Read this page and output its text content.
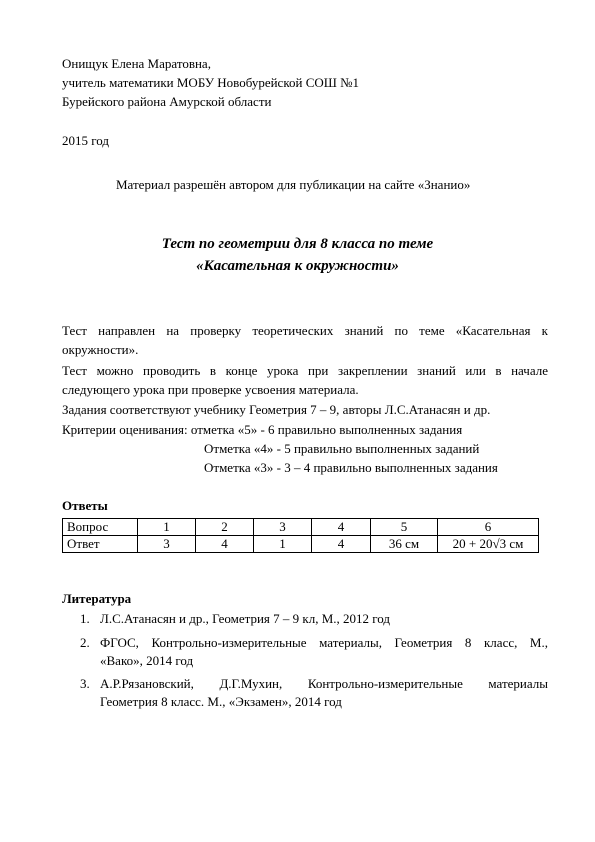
Онищук Елена Маратовна,
учитель математики МОБУ Новобурейской СОШ №1
Бурейского района Амурской области
2015 год
Материал разрешён автором для публикации на сайте «Знанио»
Тест по геометрии для 8 класса по теме
«Касательная к окружности»
Тест направлен на проверку теоретических знаний по теме «Касательная к
окружности».
Тест можно проводить в конце урока при закреплении знаний или в начале
следующего урока при проверке усвоения материала.
Задания соответствуют учебнику Геометрия 7 – 9, авторы Л.С.Атанасян и др.
Критерии оценивания: отметка «5» - 6 правильно выполненных задания
Отметка «4» - 5 правильно выполненных заданий
Отметка «3» - 3 – 4 правильно выполненных задания
Ответы
Вопрос	1	2	3	4	5	6
Ответ	3	4	1	4	36 см	20 + 20√3 см
Литература
1. Л.С.Атанасян и др., Геометрия 7 – 9 кл, М., 2012 год
2. ФГОС, Контрольно-измерительные материалы, Геометрия 8 класс, М.,
«Вако», 2014 год
3. А.Р.Рязановский, Д.Г.Мухин, Контрольно-измерительные материалы
Геометрия 8 класс. М., «Экзамен», 2014 год
